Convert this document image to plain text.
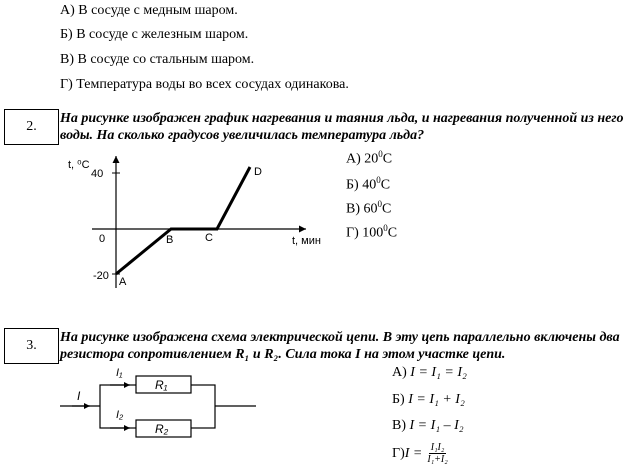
А) В сосуде с медным шаром.
Б) В сосуде с железным шаром.
В) В сосуде со стальным шаром.
Г) Температура воды во всех сосудах одинакова.
2.
На рисунке изображен график нагревания и таяния льда, и нагревания полученной из него воды. На сколько градусов увеличилась температура льда?
t, ⁰C
t, мин
40
0
-20 A
B	C
D
А) $20^0С$
Б) $40^0С$
В) $60^0С$
Г) $100^0С$
3.
На рисунке изображена схема электрической цепи. В эту цепь параллельно включены два резистора сопротивлением R₁ и R₂. Сила тока I на этом участке цепи.
I
I₁
I₂
R₁
R₂
А) I = I₁ = I₂
Б) I = I₁ + I₂
В) I = I₁ – I₂
Г) $I = \frac{\text{I₁I₂}}{\text{I₁+I₂}}$
